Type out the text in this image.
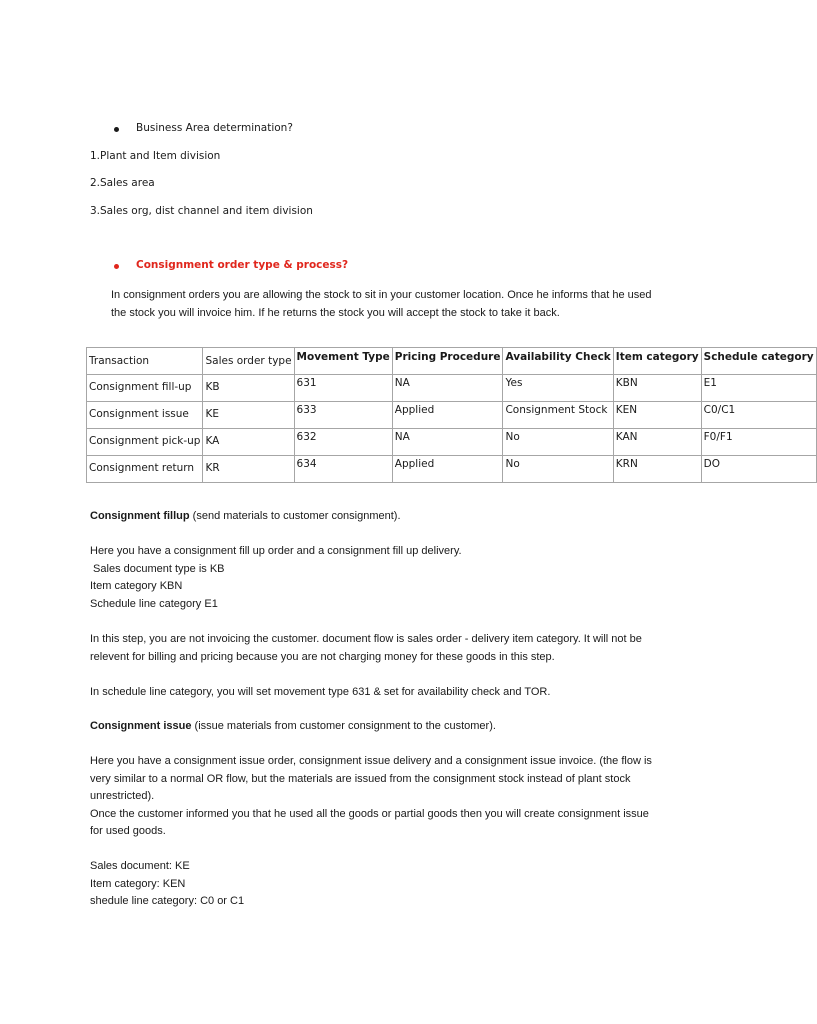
Business Area determination?
1.Plant and Item division
2.Sales area
3.Sales org, dist channel and item division
Consignment order type & process?
In consignment orders you are allowing the stock to sit in your customer location. Once he informs that he used
the stock you will invoice him. If he returns the stock you will accept the stock to take it back.
Transaction	Sales order type	Movement Type	Pricing Procedure	Availability Check	Item category	Schedule category
Consignment fill-up	KB	631	NA	Yes	KBN	E1
Consignment issue	KE	633	Applied	Consignment Stock	KEN	C0/C1
Consignment pick-up	KA	632	NA	No	KAN	F0/F1
Consignment return	KR	634	Applied	No	KRN	DO
Consignment fillup (send materials to customer consignment).
Here you have a consignment fill up order and a consignment fill up delivery.
Sales document type is KB
Item category KBN
Schedule line category E1
In this step, you are not invoicing the customer. document flow is sales order - delivery item category. It will not be
relevent for billing and pricing because you are not charging money for these goods in this step.
In schedule line category, you will set movement type 631 & set for availability check and TOR.
Consignment issue (issue materials from customer consignment to the customer).
Here you have a consignment issue order, consignment issue delivery and a consignment issue invoice. (the flow is
very similar to a normal OR flow, but the materials are issued from the consignment stock instead of plant stock
unrestricted).
Once the customer informed you that he used all the goods or partial goods then you will create consignment issue
for used goods.
Sales document: KE
Item category: KEN
shedule line category: C0 or C1
